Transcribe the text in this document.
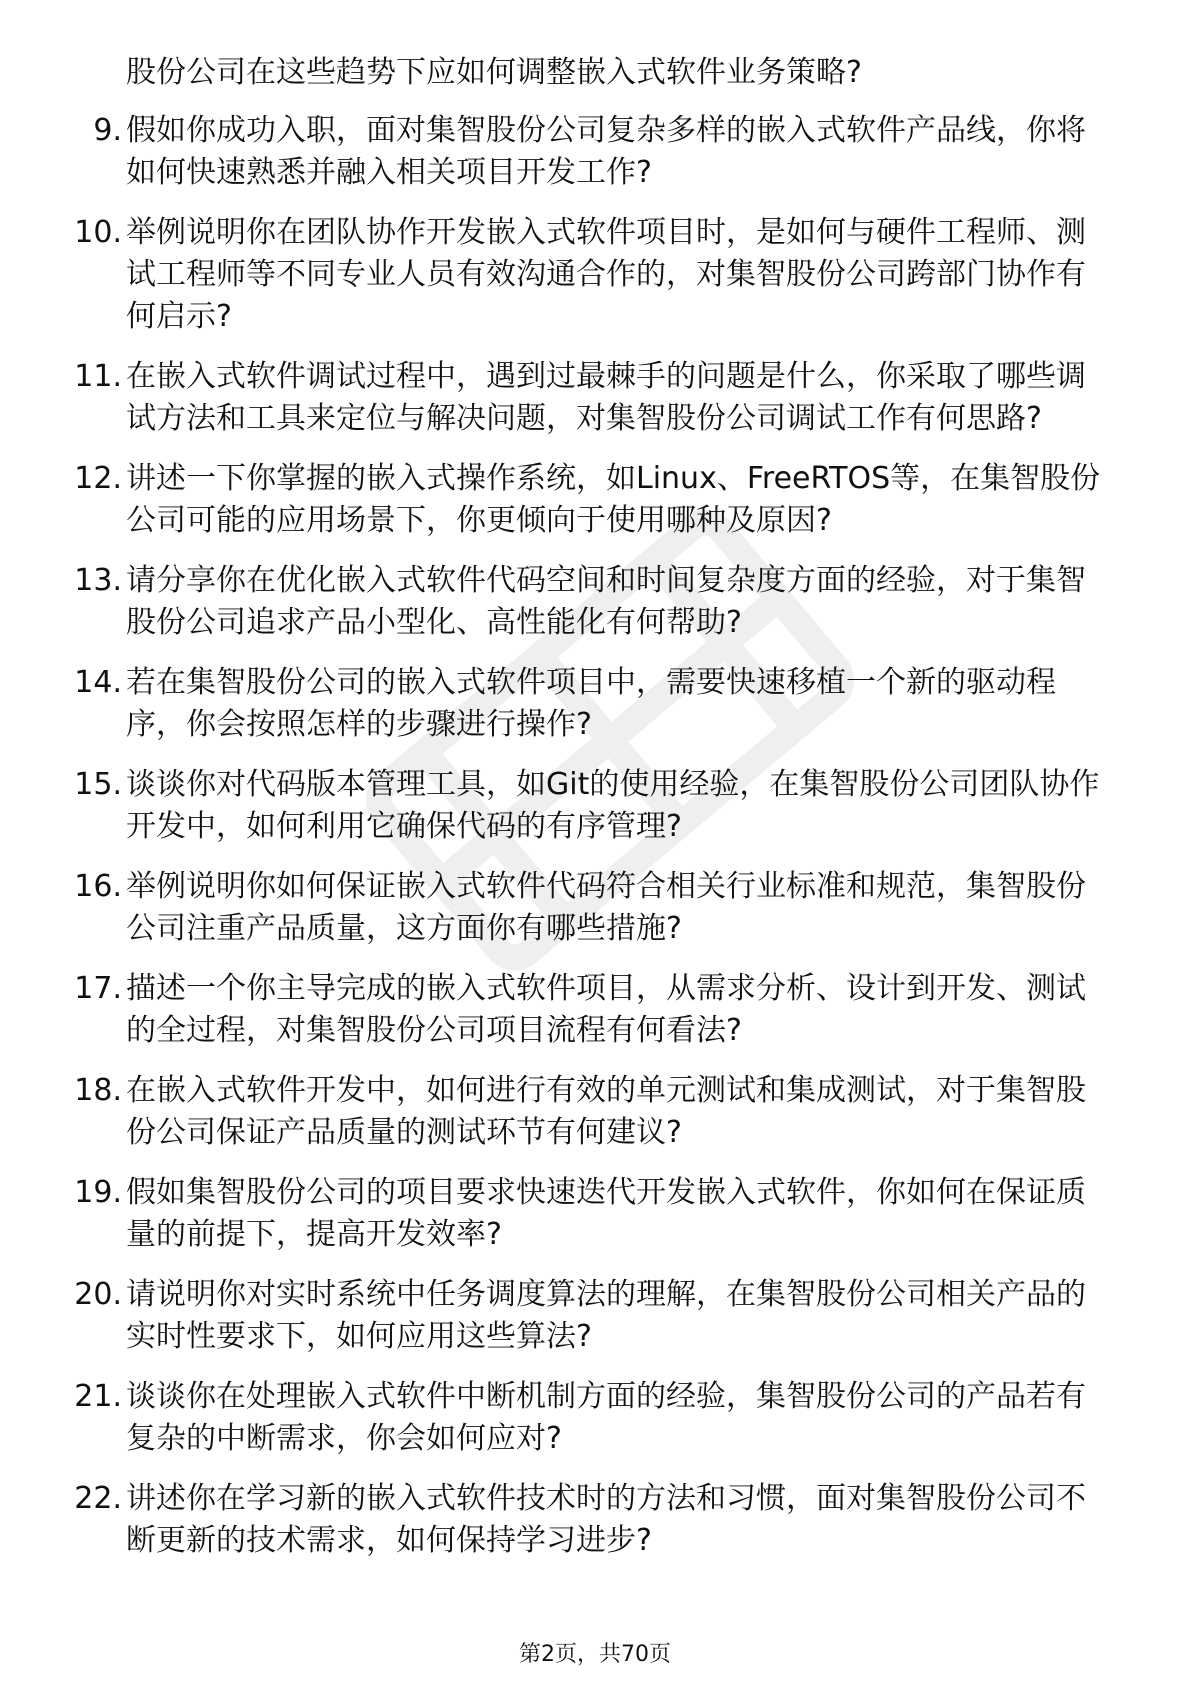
股份公司在这些趋势下应如何调整嵌入式软件业务策略?
9. 假如你成功入职，面对集智股份公司复杂多样的嵌入式软件产品线，你将如何快速熟悉并融入相关项目开发工作?
10. 举例说明你在团队协作开发嵌入式软件项目时，是如何与硬件工程师、测试工程师等不同专业人员有效沟通合作的，对集智股份公司跨部门协作有何启示?
11. 在嵌入式软件调试过程中，遇到过最棘手的问题是什么，你采取了哪些调试方法和工具来定位与解决问题，对集智股份公司调试工作有何思路?
12. 讲述一下你掌握的嵌入式操作系统，如Linux、FreeRTOS等，在集智股份公司可能的应用场景下，你更倾向于使用哪种及原因?
13. 请分享你在优化嵌入式软件代码空间和时间复杂度方面的经验，对于集智股份公司追求产品小型化、高性能化有何帮助?
14. 若在集智股份公司的嵌入式软件项目中，需要快速移植一个新的驱动程序，你会按照怎样的步骤进行操作?
15. 谈谈你对代码版本管理工具，如Git的使用经验，在集智股份公司团队协作开发中，如何利用它确保代码的有序管理?
16. 举例说明你如何保证嵌入式软件代码符合相关行业标准和规范，集智股份公司注重产品质量，这方面你有哪些措施?
17. 描述一个你主导完成的嵌入式软件项目，从需求分析、设计到开发、测试的全过程，对集智股份公司项目流程有何看法?
18. 在嵌入式软件开发中，如何进行有效的单元测试和集成测试，对于集智股份公司保证产品质量的测试环节有何建议?
19. 假如集智股份公司的项目要求快速迭代开发嵌入式软件，你如何在保证质量的前提下，提高开发效率?
20. 请说明你对实时系统中任务调度算法的理解，在集智股份公司相关产品的实时性要求下，如何应用这些算法?
21. 谈谈你在处理嵌入式软件中断机制方面的经验，集智股份公司的产品若有复杂的中断需求，你会如何应对?
22. 讲述你在学习新的嵌入式软件技术时的方法和习惯，面对集智股份公司不断更新的技术需求，如何保持学习进步?
第2页，共70页
